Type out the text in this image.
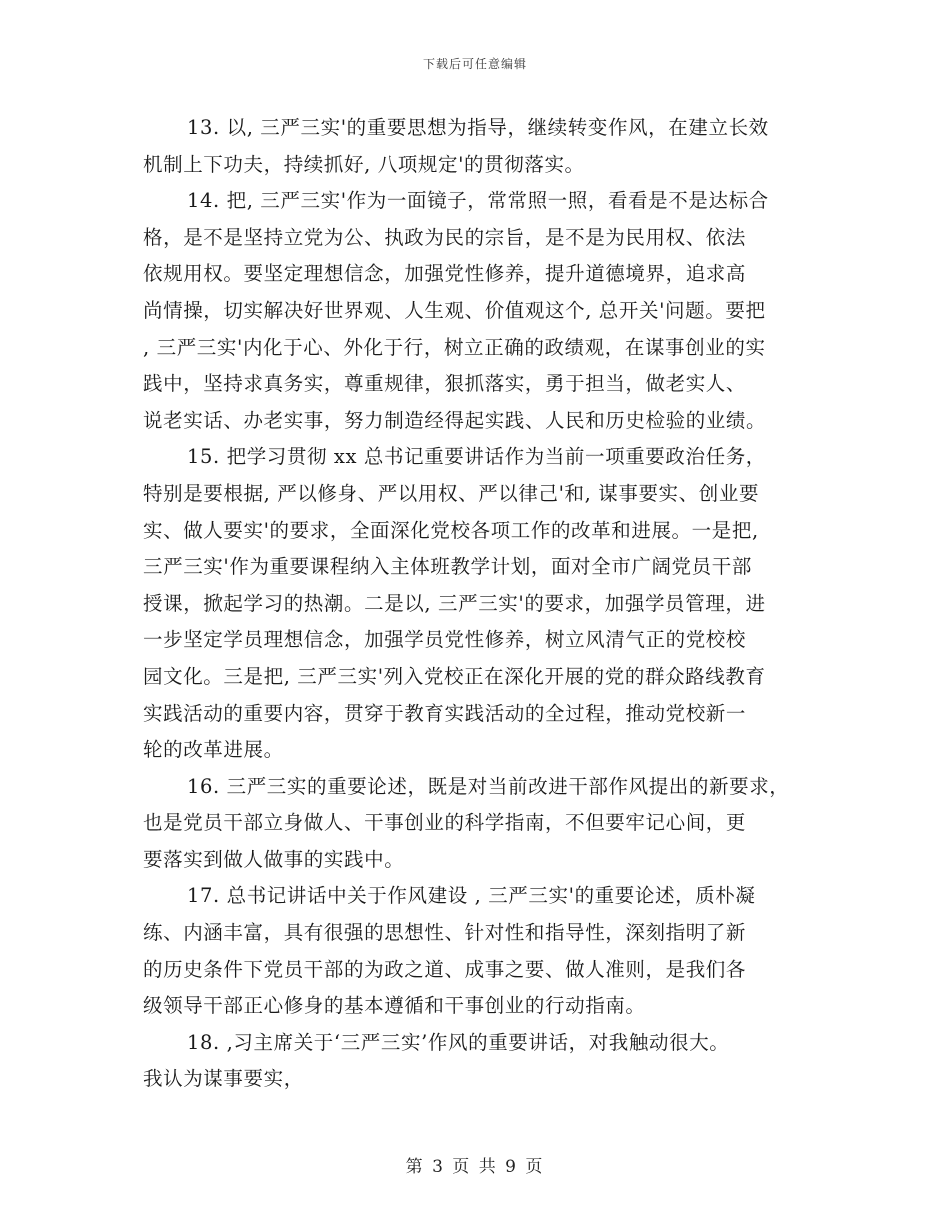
下载后可任意编辑
13. 以, 三严三实'的重要思想为指导，继续转变作风，在建立长效
机制上下功夫，持续抓好, 八项规定'的贯彻落实。
14. 把, 三严三实'作为一面镜子，常常照一照，看看是不是达标合
格，是不是坚持立党为公、执政为民的宗旨，是不是为民用权、依法
依规用权。要坚定理想信念，加强党性修养，提升道德境界，追求高
尚情操，切实解决好世界观、人生观、价值观这个, 总开关'问题。要把
, 三严三实'内化于心、外化于行，树立正确的政绩观，在谋事创业的实
践中，坚持求真务实，尊重规律，狠抓落实，勇于担当，做老实人、
说老实话、办老实事，努力制造经得起实践、人民和历史检验的业绩。
15. 把学习贯彻 xx 总书记重要讲话作为当前一项重要政治任务，
特别是要根据, 严以修身、严以用权、严以律己'和, 谋事要实、创业要
实、做人要实'的要求，全面深化党校各项工作的改革和进展。一是把,
三严三实'作为重要课程纳入主体班教学计划，面对全市广阔党员干部
授课，掀起学习的热潮。二是以, 三严三实'的要求，加强学员管理，进
一步坚定学员理想信念，加强学员党性修养，树立风清气正的党校校
园文化。三是把, 三严三实'列入党校正在深化开展的党的群众路线教育
实践活动的重要内容，贯穿于教育实践活动的全过程，推动党校新一
轮的改革进展。
16. 三严三实的重要论述，既是对当前改进干部作风提出的新要求，
也是党员干部立身做人、干事创业的科学指南，不但要牢记心间，更
要落实到做人做事的实践中。
17. 总书记讲话中关于作风建设 , 三严三实'的重要论述，质朴凝
练、内涵丰富，具有很强的思想性、针对性和指导性，深刻指明了新
的历史条件下党员干部的为政之道、成事之要、做人准则，是我们各
级领导干部正心修身的基本遵循和干事创业的行动指南。
18. ,习主席关于‘三严三实’作风的重要讲话，对我触动很大。
我认为谋事要实，
第 3 页 共 9 页
